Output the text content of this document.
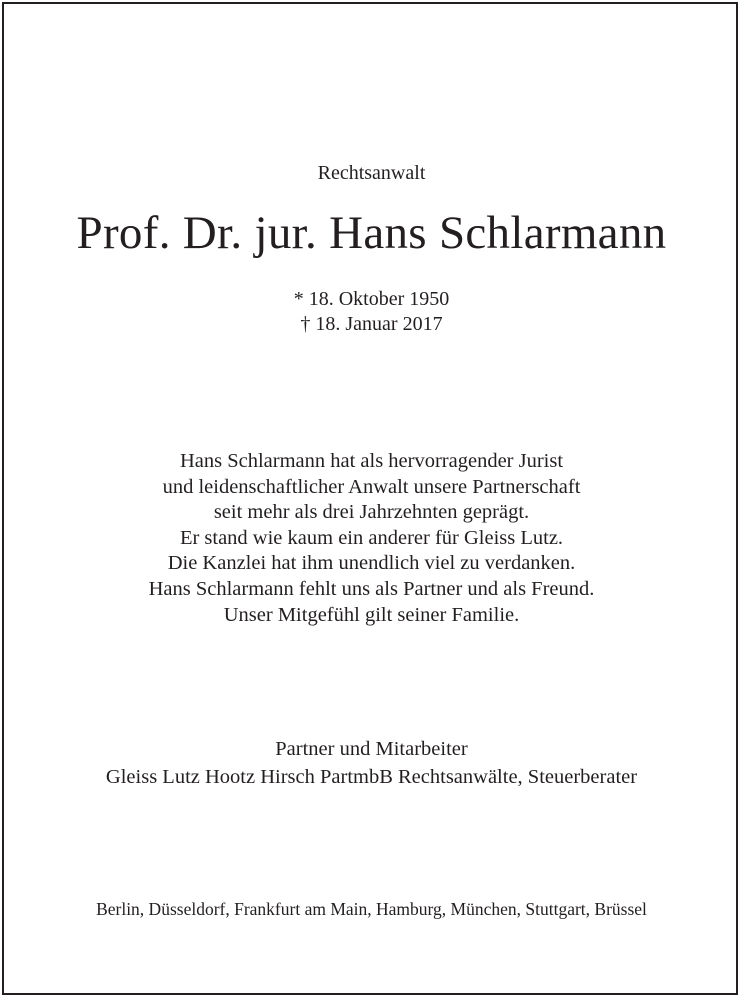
Rechtsanwalt
Prof. Dr. jur. Hans Schlarmann
* 18. Oktober 1950
† 18. Januar 2017
Hans Schlarmann hat als hervorragender Jurist
und leidenschaftlicher Anwalt unsere Partnerschaft
seit mehr als drei Jahrzehnten geprägt.
Er stand wie kaum ein anderer für Gleiss Lutz.
Die Kanzlei hat ihm unendlich viel zu verdanken.
Hans Schlarmann fehlt uns als Partner und als Freund.
Unser Mitgefühl gilt seiner Familie.
Partner und Mitarbeiter
Gleiss Lutz Hootz Hirsch PartmbB Rechtsanwälte, Steuerberater
Berlin, Düsseldorf, Frankfurt am Main, Hamburg, München, Stuttgart, Brüssel
